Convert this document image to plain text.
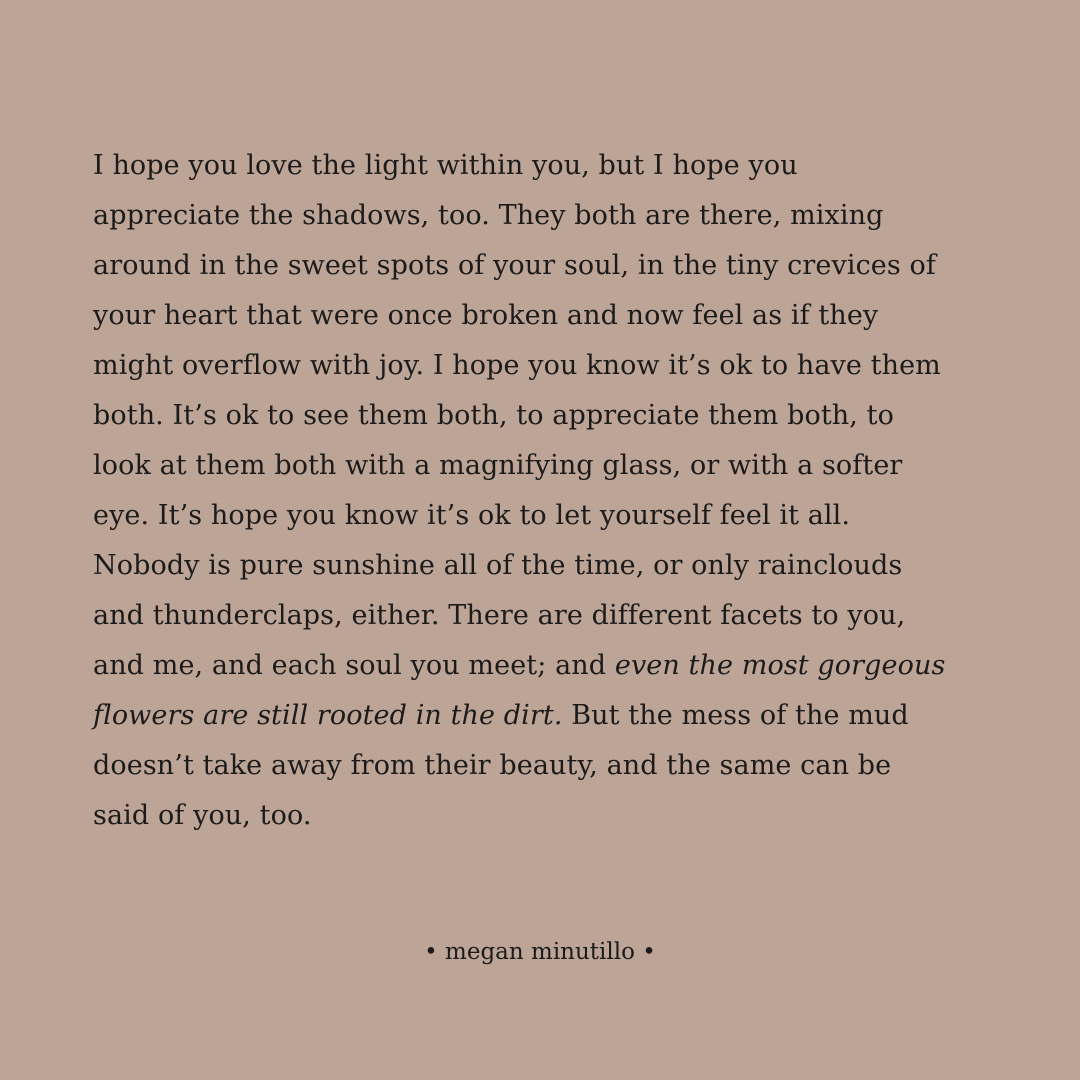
I hope you love the light within you, but I hope you
appreciate the shadows, too. They both are there, mixing
around in the sweet spots of your soul, in the tiny crevices of
your heart that were once broken and now feel as if they
might overflow with joy. I hope you know it’s ok to have them
both. It’s ok to see them both, to appreciate them both, to
look at them both with a magnifying glass, or with a softer
eye. It’s hope you know it’s ok to let yourself feel it all.
Nobody is pure sunshine all of the time, or only rainclouds
and thunderclaps, either. There are different facets to you,
and me, and each soul you meet; and even the most gorgeous
flowers are still rooted in the dirt. But the mess of the mud
doesn’t take away from their beauty, and the same can be
said of you, too.
• megan minutillo •
